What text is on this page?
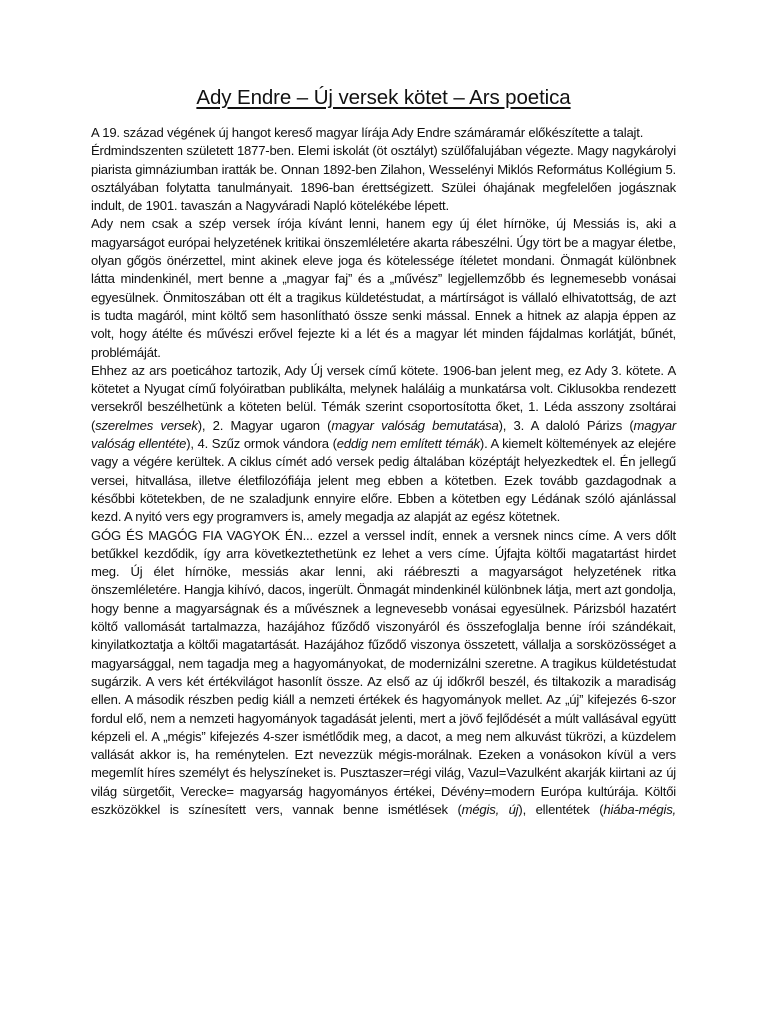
Ady Endre – Új versek kötet – Ars poetica

A 19. század végének új hangot kereső magyar lírája Ady Endre számáramár előkészítette a talajt.

Érdmindszenten született 1877-ben. Elemi iskolát (öt osztályt) szülőfalujában végezte. Magy nagykárolyi piarista gimnáziumban iratták be. Onnan 1892-ben Zilahon, Wesselényi Miklós Református Kollégium 5. osztályában folytatta tanulmányait. 1896-ban érettségizett. Szülei óhajának megfelelően jogásznak indult, de 1901. tavaszán a Nagyváradi Napló kötelékébe lépett.

Ady nem csak a szép versek írója kívánt lenni, hanem egy új élet hírnöke, új Messiás is, aki a magyarságot európai helyzetének kritikai önszemléletére akarta rábeszélni. Úgy tört be a magyar életbe, olyan gőgös önérzettel, mint akinek eleve joga és kötelessége ítéletet mondani. Önmagát különbnek látta mindenkinél, mert benne a „magyar faj” és a „művész” legjellemzőbb és legnemesebb vonásai egyesülnek. Önmitoszában ott élt a tragikus küldetéstudat, a mártírságot is vállaló elhivatottság, de azt is tudta magáról, mint költő sem hasonlítható össze senki mással. Ennek a hitnek az alapja éppen az volt, hogy átélte és művészi erővel fejezte ki a lét és a magyar lét minden fájdalmas korlátját, bűnét, problémáját.

Ehhez az ars poeticához tartozik, Ady Új versek című kötete. 1906-ban jelent meg, ez Ady 3. kötete. A kötetet a Nyugat című folyóiratban publikálta, melynek haláláig a munkatársa volt. Ciklusokba rendezett versekről beszélhetünk a köteten belül. Témák szerint csoportosította őket, 1. Léda asszony zsoltárai (szerelmes versek), 2. Magyar ugaron (magyar valóság bemutatása), 3. A daloló Párizs (magyar valóság ellentéte), 4. Szűz ormok vándora (eddig nem említett témák). A kiemelt költemények az elejére vagy a végére kerültek. A ciklus címét adó versek pedig általában középtájt helyezkedtek el. Én jellegű versei, hitvallása, illetve életfilozófiája jelent meg ebben a kötetben. Ezek tovább gazdagodnak a későbbi kötetekben, de ne szaladjunk ennyire előre. Ebben a kötetben egy Lédának szóló ajánlással kezd. A nyitó vers egy programvers is, amely megadja az alapját az egész kötetnek.

GÓG ÉS MAGÓG FIA VAGYOK ÉN... ezzel a verssel indít, ennek a versnek nincs címe. A vers dőlt betűkkel kezdődik, így arra következtethetünk ez lehet a vers címe. Újfajta költői magatartást hirdet meg. Új élet hírnöke, messiás akar lenni, aki ráébreszti a magyarságot helyzetének ritka önszemléletére. Hangja kihívó, dacos, ingerült. Önmagát mindenkinél különbnek látja, mert azt gondolja, hogy benne a magyarságnak és a művésznek a legnevesebb vonásai egyesülnek. Párizsból hazatért költő vallomását tartalmazza, hazájához fűződő viszonyáról és összefoglalja benne írói szándékait, kinyilatkoztatja a költői magatartását. Hazájához fűződő viszonya összetett, vállalja a sorsközösséget a magyarsággal, nem tagadja meg a hagyományokat, de modernizálni szeretne. A tragikus küldetéstudat sugárzik. A vers két értékvilágot hasonlít össze. Az első az új időkről beszél, és tiltakozik a maradiság ellen. A második részben pedig kiáll a nemzeti értékek és hagyományok mellet. Az „új” kifejezés 6-szor fordul elő, nem a nemzeti hagyományok tagadását jelenti, mert a jövő fejlődését a múlt vallásával együtt képzeli el. A „mégis” kifejezés 4-szer ismétlődik meg, a dacot, a meg nem alkuvást tükrözi, a küzdelem vallását akkor is, ha reménytelen. Ezt nevezzük mégis-morálnak. Ezeken a vonásokon kívül a vers megemlít híres személyt és helyszíneket is. Pusztaszer=régi világ, Vazul=Vazulként akarják kiirtani az új világ sürgetőit, Verecke= magyarság hagyományos értékei, Dévény=modern Európa kultúrája. Költői eszközökkel is színesített vers, vannak benne ismétlések (mégis, új), ellentétek (hiába-mégis,
